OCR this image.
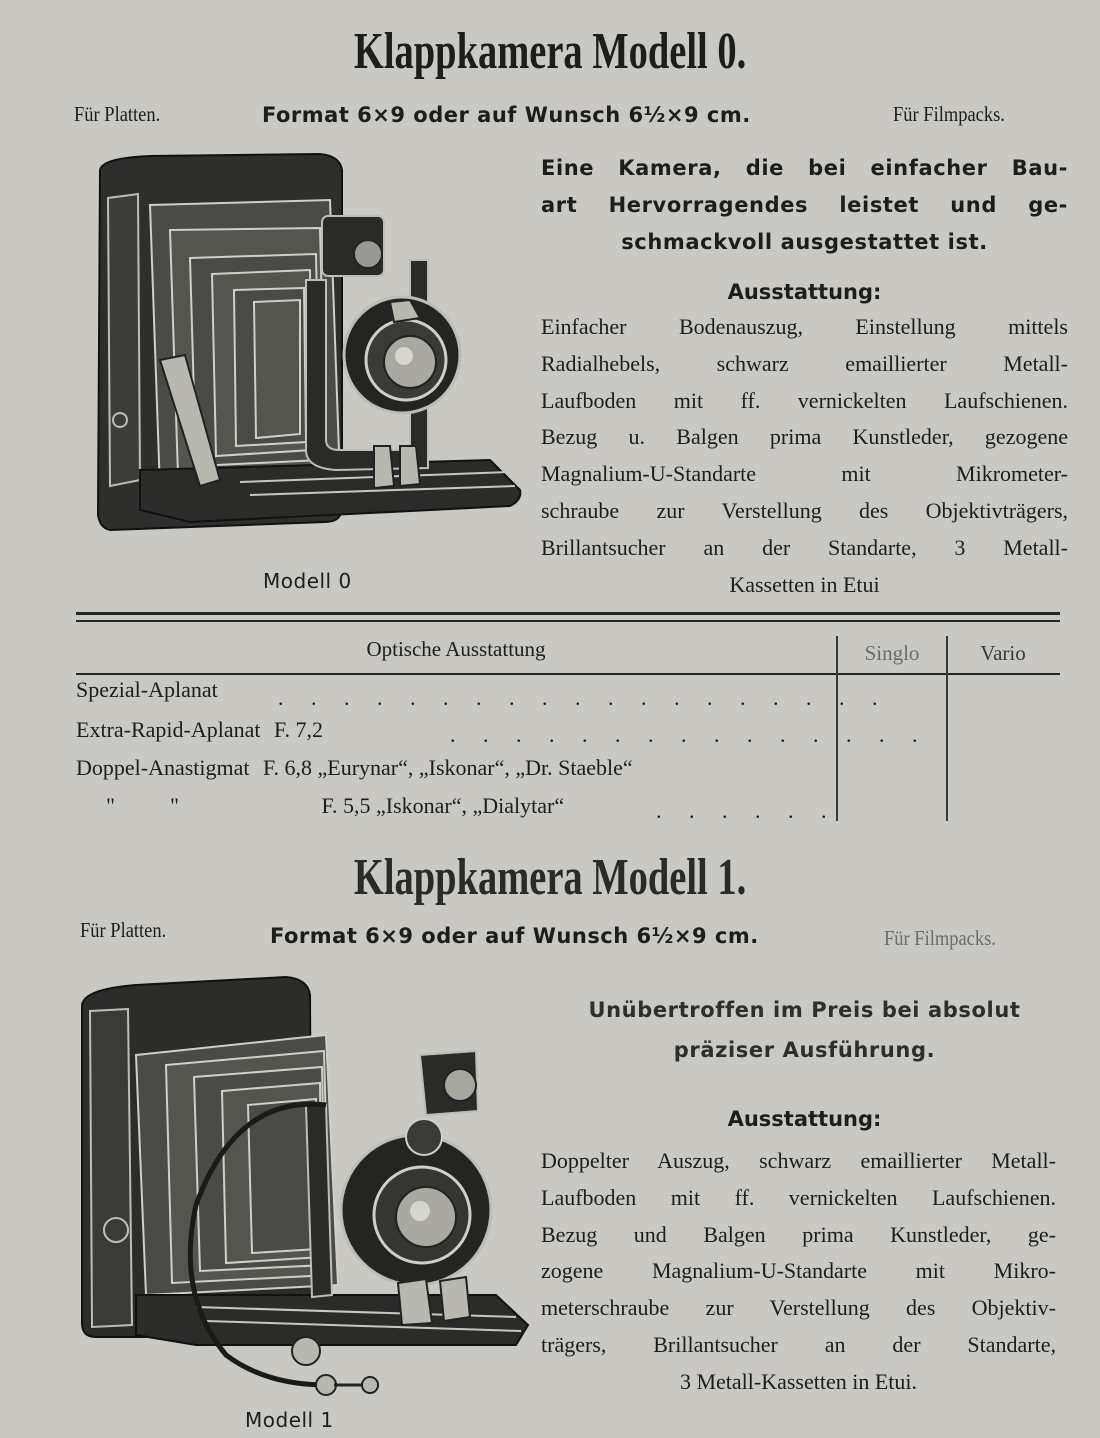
Klappkamera Modell 0.
Für Platten.	Format 6×9 oder auf Wunsch 6½×9 cm.	Für Filmpacks.
Modell 0
Eine Kamera, die bei einfacher Bau-
art Hervorragendes leistet und ge-
schmackvoll ausgestattet ist.
Ausstattung:
Einfacher Bodenauszug, Einstellung mittels
Radialhebels, schwarz emaillierter Metall-
Laufboden mit ff. vernickelten Laufschienen.
Bezug u. Balgen prima Kunstleder, gezogene
Magnalium-U-Standarte mit Mikrometer-
schraube zur Verstellung des Objektivträgers,
Brillantsucher an der Standarte, 3 Metall-
Kassetten in Etui
Optische Ausstattung	Singlo	Vario
Spezial-Aplanat	. . . . . . . . . . . . . . . . . . .
Extra-Rapid-Aplanat F. 7,2	. . . . . . . . . . . . . . .
Doppel-Anastigmat F. 6,8 „Eurynar“, „Iskonar“, „Dr. Staeble“
"          "	F. 5,5 „Iskonar“, „Dialytar“	. . . . . .
Klappkamera Modell 1.
Für Platten.	Format 6×9 oder auf Wunsch 6½×9 cm.	Für Filmpacks.
Modell 1
Unübertroffen im Preis bei absolut
präziser Ausführung.
Ausstattung:
Doppelter Auszug, schwarz emaillierter Metall-
Laufboden mit ff. vernickelten Laufschienen.
Bezug und Balgen prima Kunstleder, ge-
zogene Magnalium-U-Standarte mit Mikro-
meterschraube zur Verstellung des Objektiv-
trägers, Brillantsucher an der Standarte,
3 Metall-Kassetten in Etui.
